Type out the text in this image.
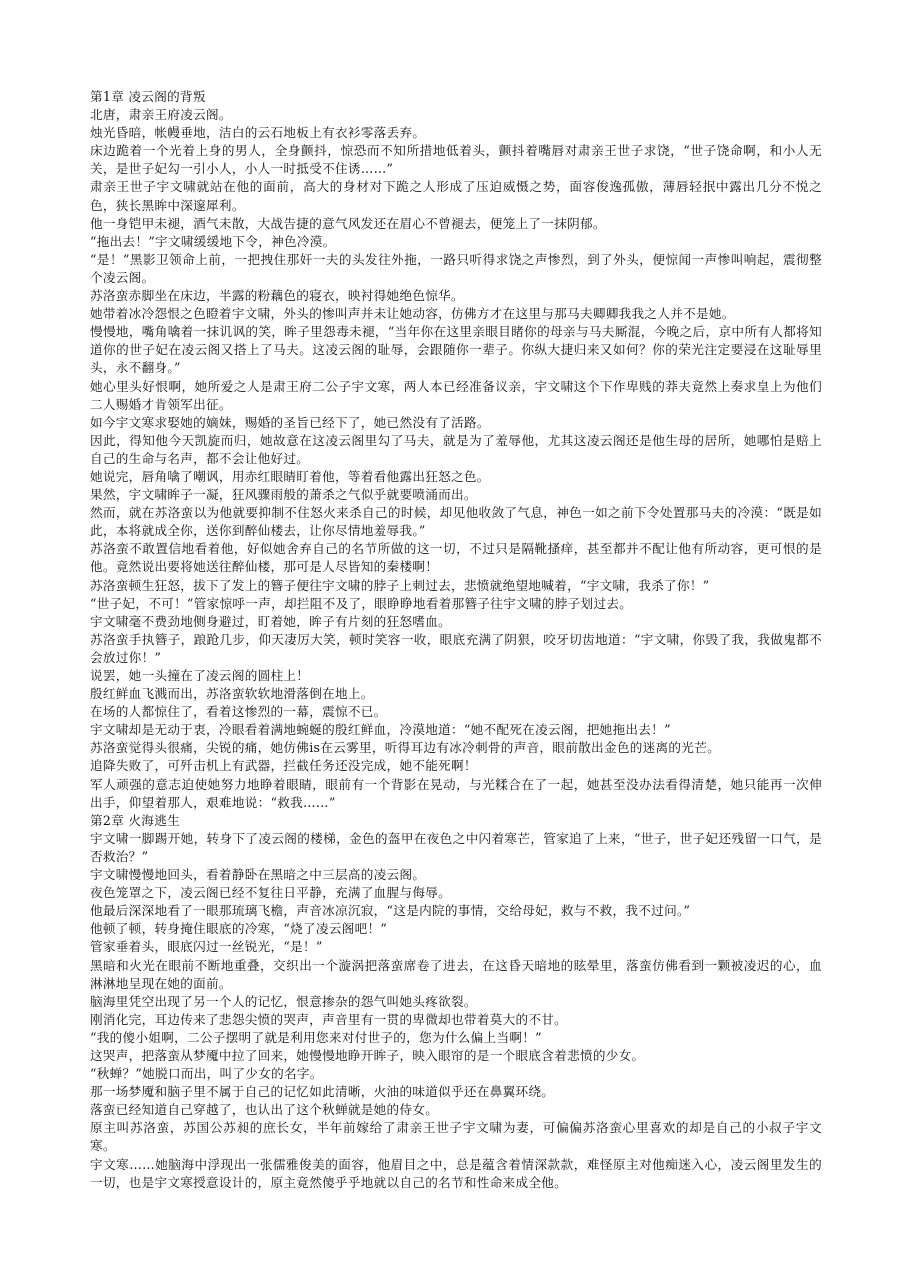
第1章 凌云阁的背叛

北唐，肃亲王府凌云阁。

烛光昏暗，帐幔垂地，洁白的云石地板上有衣衫零落丢弃。

床边跪着一个光着上身的男人，全身颤抖，惊恐而不知所措地低着头，颤抖着嘴唇对肃亲王世子求饶，“世子饶命啊，和小人无关，是世子妃勾一引小人，小人一时抵受不住诱……”

肃亲王世子宇文啸就站在他的面前，高大的身材对下跪之人形成了压迫威慑之势，面容俊逸孤傲，薄唇轻抿中露出几分不悦之色，狭长黑眸中深邃犀利。

他一身铠甲未褪，酒气未散，大战告捷的意气风发还在眉心不曾褪去，便笼上了一抹阴郁。

“拖出去！”宇文啸缓缓地下令，神色冷漠。

“是！”黑影卫领命上前，一把拽住那奸一夫的头发往外拖，一路只听得求饶之声惨烈，到了外头，便惊闻一声惨叫响起，震彻整个凌云阁。

苏洛蛮赤脚坐在床边，半露的粉藕色的寝衣，映衬得她绝色惊华。

她带着冰冷怨恨之色瞪着宇文啸，外头的惨叫声并未让她动容，仿佛方才在这里与那马夫卿卿我我之人并不是她。

慢慢地，嘴角噙着一抹讥讽的笑，眸子里怨毒未褪，“当年你在这里亲眼目睹你的母亲与马夫厮混，今晚之后，京中所有人都将知道你的世子妃在凌云阁又搭上了马夫。这凌云阁的耻辱，会跟随你一辈子。你纵大捷归来又如何？你的荣光注定要浸在这耻辱里头，永不翻身。”

她心里头好恨啊，她所爱之人是肃王府二公子宇文寒，两人本已经准备议亲，宇文啸这个下作卑贱的莽夫竟然上奏求皇上为他们二人赐婚才肯领军出征。

如今宇文寒求娶她的嫡妹，赐婚的圣旨已经下了，她已然没有了活路。

因此，得知他今天凯旋而归，她故意在这凌云阁里勾了马夫，就是为了羞辱他，尤其这凌云阁还是他生母的居所，她哪怕是赔上自己的生命与名声，都不会让他好过。

她说完，唇角噙了嘲讽，用赤红眼睛盯着他，等着看他露出狂怒之色。

果然，宇文啸眸子一凝，狂风骤雨般的萧杀之气似乎就要喷涌而出。

然而，就在苏洛蛮以为他就要抑制不住怒火来杀自己的时候，却见他收敛了气息，神色一如之前下令处置那马夫的冷漠：“既是如此，本将就成全你，送你到醉仙楼去，让你尽情地羞辱我。”

苏洛蛮不敢置信地看着他，好似她舍弃自己的名节所做的这一切，不过只是隔靴搔痒，甚至都并不配让他有所动容，更可恨的是他。竟然说出要将她送往醉仙楼，那可是人尽皆知的秦楼啊！

苏洛蛮顿生狂怒，拔下了发上的簪子便往宇文啸的脖子上刺过去，悲愤就绝望地喊着，“宇文啸，我杀了你！”

“世子妃，不可！”管家惊呼一声，却拦阻不及了，眼睁睁地看着那簪子往宇文啸的脖子划过去。

宇文啸毫不费劲地侧身避过，盯着她，眸子有片刻的狂怒嗜血。

苏洛蛮手执簪子，踉跄几步，仰天凄厉大笑，顿时笑容一收，眼底充满了阴狠，咬牙切齿地道：“宇文啸，你毁了我，我做鬼都不会放过你！”

说罢，她一头撞在了凌云阁的圆柱上！

殷红鲜血飞溅而出，苏洛蛮软软地滑落倒在地上。

在场的人都惊住了，看着这惨烈的一幕，震惊不已。

宇文啸却是无动于衷，冷眼看着满地蜿蜒的殷红鲜血，冷漠地道：“她不配死在凌云阁，把她拖出去！”

苏洛蛮觉得头很痛，尖锐的痛，她仿佛is在云雾里，听得耳边有冰冷刺骨的声音，眼前散出金色的迷离的光芒。

追降失败了，可歼击机上有武器，拦截任务还没完成，她不能死啊！

军人顽强的意志迫使她努力地睁着眼睛，眼前有一个背影在晃动，与光糅合在了一起，她甚至没办法看得清楚，她只能再一次伸出手，仰望着那人，艰难地说：“救我……”

第2章 火海逃生

宇文啸一脚踢开她，转身下了凌云阁的楼梯，金色的盔甲在夜色之中闪着寒芒，管家追了上来，“世子，世子妃还残留一口气，是否救治？”

宇文啸慢慢地回头，看着静卧在黑暗之中三层高的凌云阁。

夜色笼罩之下，凌云阁已经不复往日平静，充满了血腥与侮辱。

他最后深深地看了一眼那琉璃飞檐，声音冰凉沉寂，“这是内院的事情，交给母妃，救与不救，我不过问。”

他顿了顿，转身掩住眼底的冷寒，“烧了凌云阁吧！”

管家垂着头，眼底闪过一丝锐光，“是！”

黑暗和火光在眼前不断地重叠，交织出一个漩涡把落蛮席卷了进去，在这昏天暗地的眩晕里，落蛮仿佛看到一颗被凌迟的心，血淋淋地呈现在她的面前。

脑海里凭空出现了另一个人的记忆，恨意掺杂的怨气叫她头疼欲裂。

刚消化完，耳边传来了悲怨尖愤的哭声，声音里有一贯的卑微却也带着莫大的不甘。

“我的傻小姐啊，二公子摆明了就是利用您来对付世子的，您为什么偏上当啊！”

这哭声，把落蛮从梦魇中拉了回来，她慢慢地睁开眸子，映入眼帘的是一个眼底含着悲愤的少女。

“秋蝉？”她脱口而出，叫了少女的名字。

那一场梦魇和脑子里不属于自己的记忆如此清晰，火油的味道似乎还在鼻翼环绕。

落蛮已经知道自己穿越了，也认出了这个秋蝉就是她的侍女。

原主叫苏洛蛮，苏国公苏昶的庶长女，半年前嫁给了肃亲王世子宇文啸为妻，可偏偏苏洛蛮心里喜欢的却是自己的小叔子宇文寒。

宇文寒……她脑海中浮现出一张儒雅俊美的面容，他眉目之中，总是蕴含着情深款款，难怪原主对他痴迷入心，凌云阁里发生的一切，也是宇文寒授意设计的，原主竟然傻乎乎地就以自己的名节和性命来成全他。
